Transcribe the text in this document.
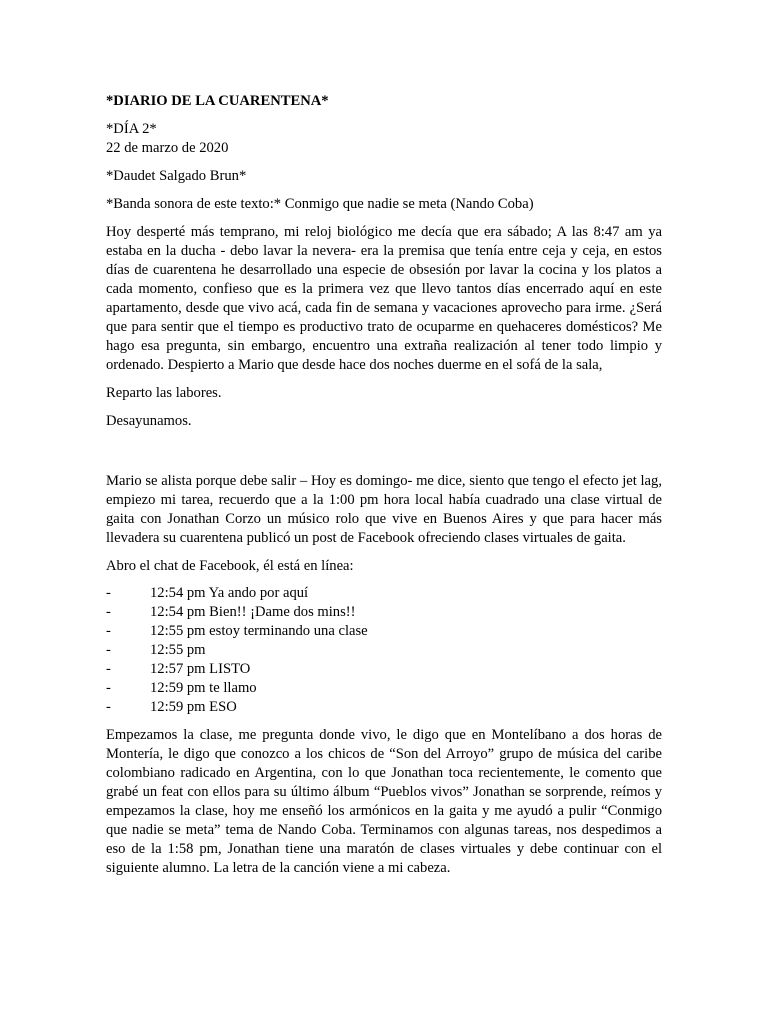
*DIARIO DE LA CUARENTENA*

*DÍA 2*

22 de marzo de 2020

*Daudet Salgado Brun*

*Banda sonora de este texto:* Conmigo que nadie se meta (Nando Coba)

Hoy desperté más temprano, mi reloj biológico me decía que era sábado; A las 8:47 am ya estaba en la ducha - debo lavar la nevera- era la premisa que tenía entre ceja y ceja, en estos días de cuarentena he desarrollado una especie de obsesión por lavar la cocina y los platos a cada momento, confieso que es la primera vez que llevo tantos días encerrado aquí en este apartamento, desde que vivo acá, cada fin de semana y vacaciones aprovecho para irme. ¿Será que para sentir que el tiempo es productivo trato de ocuparme en quehaceres domésticos? Me hago esa pregunta, sin embargo, encuentro una extraña realización al tener todo limpio y ordenado. Despierto a Mario que desde hace dos noches duerme en el sofá de la sala,

Reparto las labores.

Desayunamos.

Mario se alista porque debe salir – Hoy es domingo- me dice, siento que tengo el efecto jet lag, empiezo mi tarea, recuerdo que a la 1:00 pm hora local había cuadrado una clase virtual de gaita con Jonathan Corzo un músico rolo que vive en Buenos Aires y que para hacer más llevadera su cuarentena publicó un post de Facebook ofreciendo clases virtuales de gaita.

Abro el chat de Facebook, él está en línea:

-	12:54 pm Ya ando por aquí
-	12:54 pm Bien!! ¡Dame dos mins!!
-	12:55 pm estoy terminando una clase
-	12:55 pm
-	12:57 pm LISTO
-	12:59 pm te llamo
-	12:59 pm ESO

Empezamos la clase, me pregunta donde vivo, le digo que en Montelíbano a dos horas de Montería, le digo que conozco a los chicos de “Son del Arroyo” grupo de música del caribe colombiano radicado en Argentina, con lo que Jonathan toca recientemente, le comento que grabé un feat con ellos para su último álbum “Pueblos vivos” Jonathan se sorprende, reímos y empezamos la clase, hoy me enseñó los armónicos en la gaita y me ayudó a pulir “Conmigo que nadie se meta” tema de Nando Coba. Terminamos con algunas tareas, nos despedimos a eso de la 1:58 pm, Jonathan tiene una maratón de clases virtuales y debe continuar con el siguiente alumno. La letra de la canción viene a mi cabeza.
